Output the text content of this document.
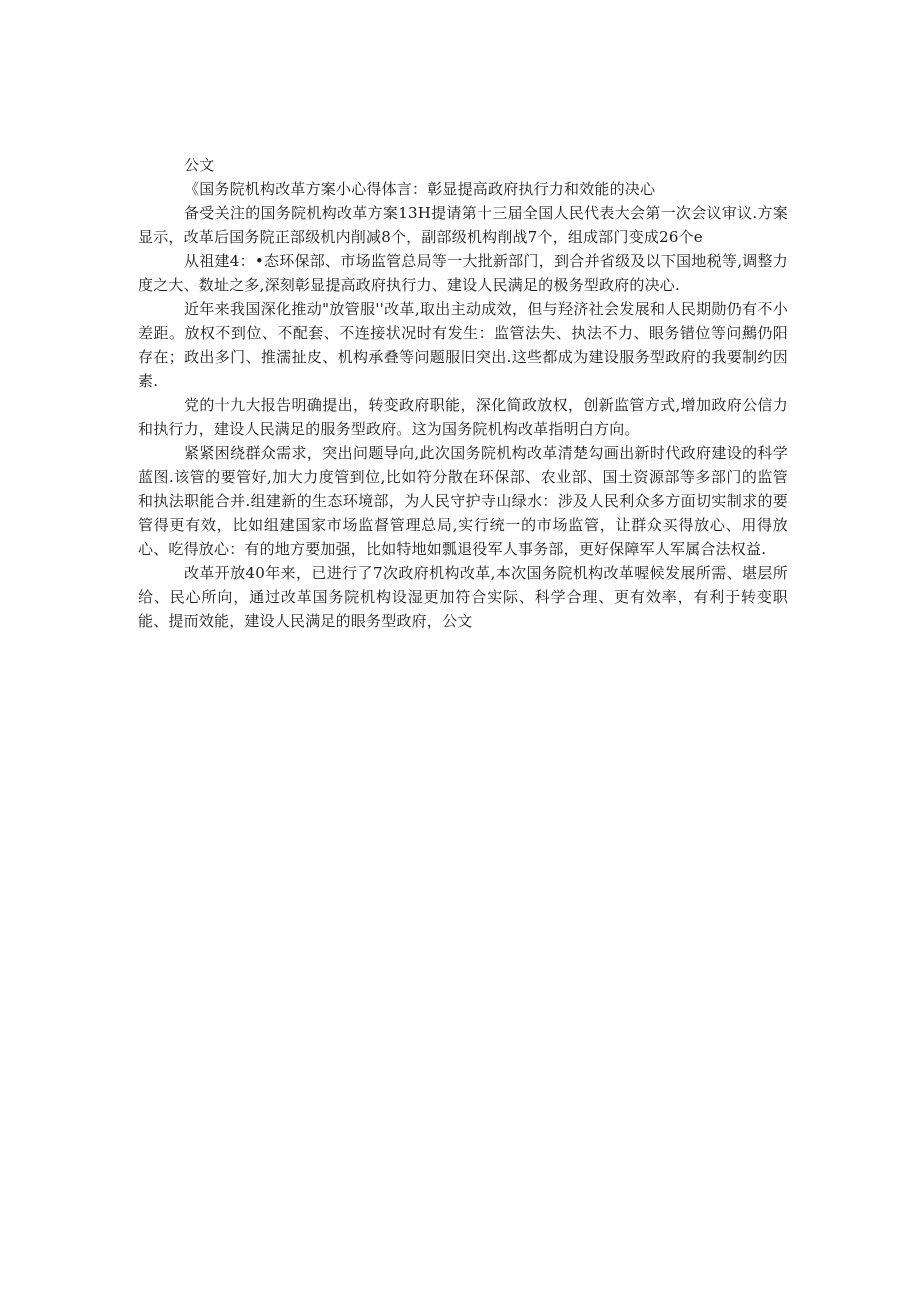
公文

《国务院机构改革方案小心得体言：彰显提高政府执行力和效能的决心

备受关注的国务院机构改革方案13H提请第十三届全国人民代表大会第一次会议审议.方案显示，改革后国务院正部级机内削减8个，副部级机构削战7个，组成部门变成26个e

从祖建4：•态环保部、市场监管总局等一大批新部门，到合并省级及以下国地税等,调整力度之大、数址之多,深刻彰显提高政府执行力、建设人民满足的极务型政府的决心.

近年来我国深化推动"放管服''改革,取出主动成效，但与羟济社会发展和人民期勋仍有不小差距。放权不到位、不配套、不连接状况时有发生：监管法失、执法不力、眼务错位等问䴏仍阳存在；政出多门、推濡扯皮、机构承叠等问题服旧突出.这些都成为建设服务型政府的我要制约因素.

党的十九大报告明确提出，转变政府职能，深化简政放权，创新监管方式,增加政府公信力和执行力，建设人民满足的服务型政府。这为国务院机构改革指明白方向。

紧紧困绕群众需求，突出问题导向,此次国务院机构改革清楚勾画出新时代政府建设的科学蓝图.该管的要管好,加大力度管到位,比如符分散在环保部、农业部、国土资源部等多部门的监管和执法职能合并.组建新的生态环境部，为人民守护寺山绿水：涉及人民利众多方面切实制求的要管得更有效，比如组建国家市场监督管理总局,实行统一的市场监管，让群众买得放心、用得放心、吃得放心：有的地方要加强，比如特地如瓢退役军人事务部，更好保障军人军属合法权益.

改革开放40年来，已进行了7次政府机构改革,本次国务院机构改革喔候发展所需、堪层所给、民心所向，通过改革国务院机构设湿更加符合实际、科学合理、更有效率，有利于转变职能、提而效能，建设人民满足的眼务型政府，公文
